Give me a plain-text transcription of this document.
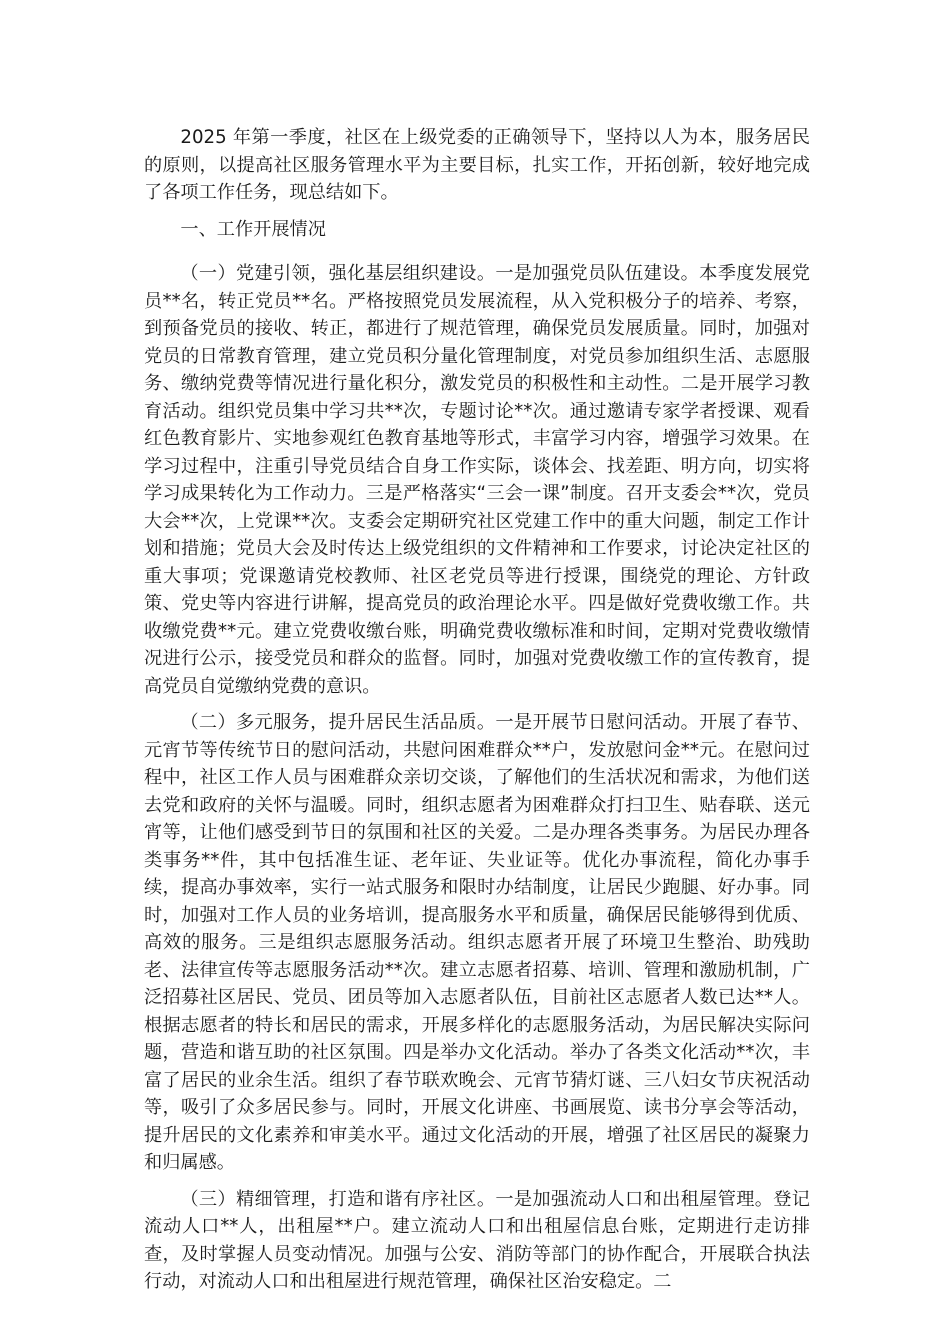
2025 年第一季度，社区在上级党委的正确领导下，坚持以人为本，服务居民的原则，以提高社区服务管理水平为主要目标，扎实工作，开拓创新，较好地完成了各项工作任务，现总结如下。

一、工作开展情况

（一）党建引领，强化基层组织建设。一是加强党员队伍建设。本季度发展党员**名，转正党员**名。严格按照党员发展流程，从入党积极分子的培养、考察，到预备党员的接收、转正，都进行了规范管理，确保党员发展质量。同时，加强对党员的日常教育管理，建立党员积分量化管理制度，对党员参加组织生活、志愿服务、缴纳党费等情况进行量化积分，激发党员的积极性和主动性。二是开展学习教育活动。组织党员集中学习共**次，专题讨论**次。通过邀请专家学者授课、观看红色教育影片、实地参观红色教育基地等形式，丰富学习内容，增强学习效果。在学习过程中，注重引导党员结合自身工作实际，谈体会、找差距、明方向，切实将学习成果转化为工作动力。三是严格落实“三会一课”制度。召开支委会**次，党员大会**次，上党课**次。支委会定期研究社区党建工作中的重大问题，制定工作计划和措施；党员大会及时传达上级党组织的文件精神和工作要求，讨论决定社区的重大事项；党课邀请党校教师、社区老党员等进行授课，围绕党的理论、方针政策、党史等内容进行讲解，提高党员的政治理论水平。四是做好党费收缴工作。共收缴党费**元。建立党费收缴台账，明确党费收缴标准和时间，定期对党费收缴情况进行公示，接受党员和群众的监督。同时，加强对党费收缴工作的宣传教育，提高党员自觉缴纳党费的意识。

（二）多元服务，提升居民生活品质。一是开展节日慰问活动。开展了春节、元宵节等传统节日的慰问活动，共慰问困难群众**户，发放慰问金**元。在慰问过程中，社区工作人员与困难群众亲切交谈，了解他们的生活状况和需求，为他们送去党和政府的关怀与温暖。同时，组织志愿者为困难群众打扫卫生、贴春联、送元宵等，让他们感受到节日的氛围和社区的关爱。二是办理各类事务。为居民办理各类事务**件，其中包括准生证、老年证、失业证等。优化办事流程，简化办事手续，提高办事效率，实行一站式服务和限时办结制度，让居民少跑腿、好办事。同时，加强对工作人员的业务培训，提高服务水平和质量，确保居民能够得到优质、高效的服务。三是组织志愿服务活动。组织志愿者开展了环境卫生整治、助残助老、法律宣传等志愿服务活动**次。建立志愿者招募、培训、管理和激励机制，广泛招募社区居民、党员、团员等加入志愿者队伍，目前社区志愿者人数已达**人。根据志愿者的特长和居民的需求，开展多样化的志愿服务活动，为居民解决实际问题，营造和谐互助的社区氛围。四是举办文化活动。举办了各类文化活动**次，丰富了居民的业余生活。组织了春节联欢晚会、元宵节猜灯谜、三八妇女节庆祝活动等，吸引了众多居民参与。同时，开展文化讲座、书画展览、读书分享会等活动，提升居民的文化素养和审美水平。通过文化活动的开展，增强了社区居民的凝聚力和归属感。

（三）精细管理，打造和谐有序社区。一是加强流动人口和出租屋管理。登记流动人口**人，出租屋**户。建立流动人口和出租屋信息台账，定期进行走访排查，及时掌握人员变动情况。加强与公安、消防等部门的协作配合，开展联合执法行动，对流动人口和出租屋进行规范管理，确保社区治安稳定。二
